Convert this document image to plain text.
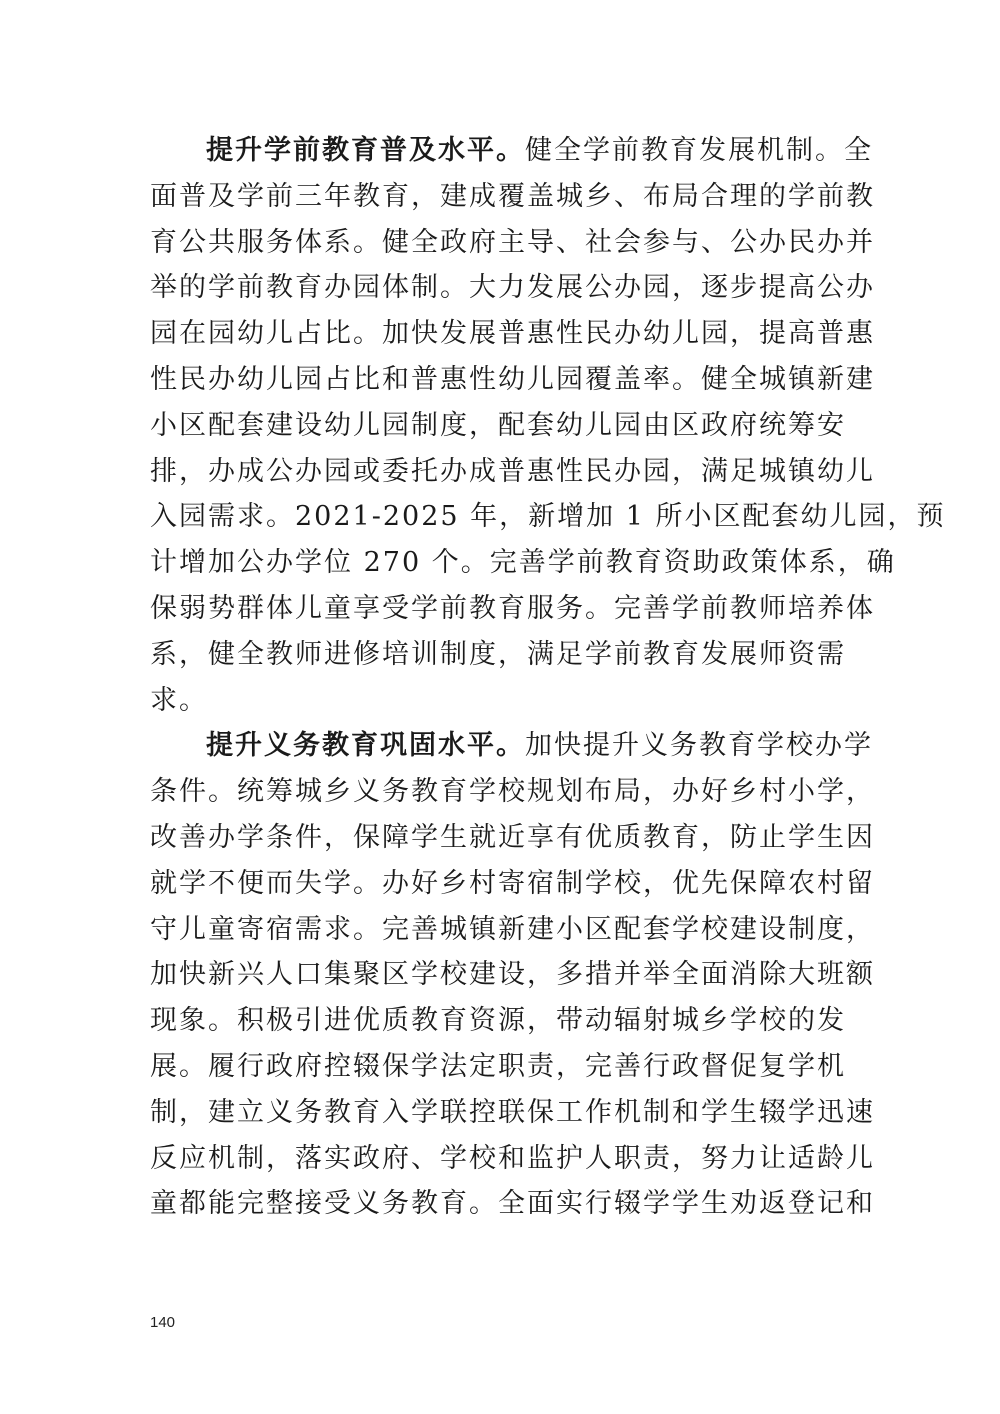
提升学前教育普及水平。健全学前教育发展机制。全
面普及学前三年教育，建成覆盖城乡、布局合理的学前教
育公共服务体系。健全政府主导、社会参与、公办民办并
举的学前教育办园体制。大力发展公办园，逐步提高公办
园在园幼儿占比。加快发展普惠性民办幼儿园，提高普惠
性民办幼儿园占比和普惠性幼儿园覆盖率。健全城镇新建
小区配套建设幼儿园制度，配套幼儿园由区政府统筹安
排，办成公办园或委托办成普惠性民办园，满足城镇幼儿
入园需求。2021-2025 年，新增加 1 所小区配套幼儿园，预
计增加公办学位 270 个。完善学前教育资助政策体系，确
保弱势群体儿童享受学前教育服务。完善学前教师培养体
系，健全教师进修培训制度，满足学前教育发展师资需
求。
提升义务教育巩固水平。加快提升义务教育学校办学
条件。统筹城乡义务教育学校规划布局，办好乡村小学，
改善办学条件，保障学生就近享有优质教育，防止学生因
就学不便而失学。办好乡村寄宿制学校，优先保障农村留
守儿童寄宿需求。完善城镇新建小区配套学校建设制度，
加快新兴人口集聚区学校建设，多措并举全面消除大班额
现象。积极引进优质教育资源，带动辐射城乡学校的发
展。履行政府控辍保学法定职责，完善行政督促复学机
制，建立义务教育入学联控联保工作机制和学生辍学迅速
反应机制，落实政府、学校和监护人职责，努力让适龄儿
童都能完整接受义务教育。全面实行辍学学生劝返登记和
140
